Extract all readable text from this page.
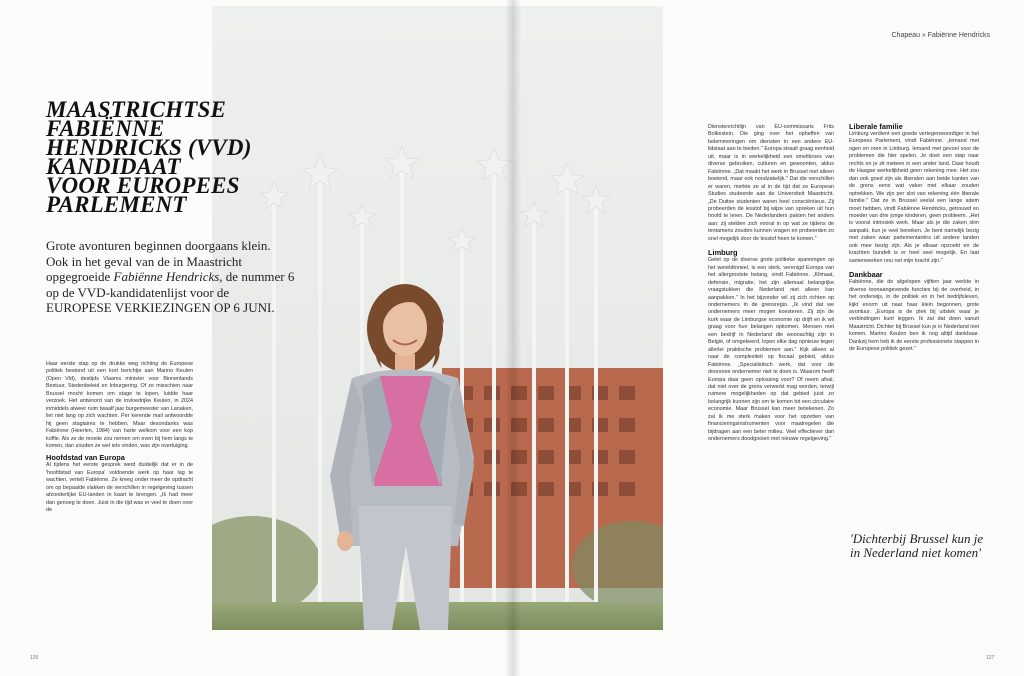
Chapeau » Fabiënne Hendricks
MAASTRICHTSE
FABIËNNE
HENDRICKS (VVD)
KANDIDAAT
VOOR EUROPEES
PARLEMENT

Grote avonturen beginnen doorgaans klein. Ook in het geval van de in Maastricht opgegroeide Fabiënne Hendricks, de nummer 6 op de VVD-kandidatenlijst voor de EUROPESE VERKIEZINGEN OP 6 JUNI.

Haar eerste stap op de drukke weg richting de Europese politiek bestond uit een kort berichtje aan Marino Keulen (Open Vld), destijds Vlaams minister voor Binnenlands Bestuur, Stedenbeleid en Inburgering. Of ze misschien naar Brussel mocht komen om stage te lopen, luidde haar verzoek. Het antwoord van de invloedrijke Keulen, in 2024 inmiddels alweer ruim twaalf jaar burgemeester van Lanaken, liet niet lang op zich wachten. Per kerende mail antwoordde hij geen stagiaires te hebben. Maar desondanks was Fabiënne (Heerlen, 1984) van harte welkom voor een kop koffie. Als ze de moeite zou nemen om even bij hem langs te komen, dan zouden ze wel iets vinden, was zijn overtuiging.

Hoofdstad van Europa

Al tijdens het eerste gesprek werd duidelijk dat er in de 'hoofdstad van Europa' voldoende werk op haar lag te wachten, vertelt Fabiënne. Ze kreeg onder meer de opdracht om op bepaalde vlakken de verschillen in regelgeving tussen afzonderlijke EU-landen in kaart te brengen. „Ik had meer dan genoeg te doen. Juist in die tijd was er veel te doen over de

Dienstenrichtlijn van EU-commissaris Frits Bolkestein. Die ging over het opheffen van belemmeringen om diensten in een andere EU-lidstaat aan te bieden." Europa straalt graag eenheid uit, maar is in werkelijkheid een smeltkroes van diverse gebruiken, culturen en gewoonten, aldus Fabiënne. „Dat maakt het werk in Brussel niet alleen boeiend, maar ook noodzakelijk." Dat die verschillen er waren, merkte ze al in de tijd dat ze European Studies studeerde aan de Universiteit Maastricht. „De Duitse studenten waren heel consciëntieus. Zij probeerden de lesstof bij wijze van spreken uit hun hoofd te leren. De Nederlanders pakten het anders aan: zij stelden zich vooral in op wat ze tijdens de tentamens zouden kunnen vragen en probeerden zo snel mogelijk door de lesstof heen te komen."

Limburg

Gelet op de diverse grote politieke spanningen op het wereldtoneel, is een sterk, verenigd Europa van het allergrootste belang, vindt Fabiënne. „Klimaat, defensie, migratie; het zijn allemaal belangrijke vraagstukken die Nederland niet alleen kan aanpakken." In het bijzonder wil zij zich richten op ondernemers in de grensregio. „Ik vind dat we ondernemers meer mogen koesteren. Zij zijn de kurk waar de Limburgse economie op drijft en ik wil graag voor hun belangen opkomen. Mensen met een bedrijf in Nederland die woonachtig zijn in België, of omgekeerd, lopen elke dag opnieuw tegen allerlei praktische problemen aan." Kijk alleen al naar de complexiteit op fiscaal gebied, aldus Fabiënne. „Specialistisch werk, dat voor de doorsnee ondernemer niet te doen is. Waarom heeft Europa daar geen oplossing voor? Of neem afval, dat niet over de grens verwerkt mag worden, terwijl ruimere mogelijkheden op dat gebied juist zo belangrijk kunnen zijn om te komen tot een circulaire economie. Maar Brussel kan meer betekenen. Zo zal ik me sterk maken voor het opzetten van financieringsinstrumenten voor maatregelen die bijdragen aan een beter milieu. Veel effectiever dan ondernemers doodgooien met nieuwe regelgeving."

Liberale familie

Limburg verdient een goede vertegenwoordiger in het Europees Parlement, vindt Fabiënne. „Iemand met ogen en oren in Limburg. Iemand met gevoel voor de problemen die hier spelen. Je doet een stap naar rechts en je zit meteen in een ander land. Daar houdt de Haagse werkelijkheid geen rekening mee. Het zou dan ook goed zijn als liberalen aan beide kanten van de grens eens wat vaker met elkaar zouden optrekken. We zijn per slot van rekening één liberale familie." Dat ze in Brussel veelal een lange adem moet hebben, vindt Fabiënne Hendricks, getrouwd en moeder van drie jonge kinderen, geen probleem. „Het is vooral intrinsiek werk. Maar als je die zaken slim aanpakt, kun je veel bereiken. Je bent namelijk bezig met zaken waar parlementariërs uit andere landen ook mee bezig zijn. Als je elkaar opzoekt en de krachten bundelt is er heel veel mogelijk. En laat samenwerken nou net mijn kracht zijn."

Dankbaar

Fabiënne, die de afgelopen vijftien jaar werkte in diverse toonaangevende functies bij de overheid, in het onderwijs, in de politiek en in het bedrijfsleven, kijkt enorm uit naar haar klein begonnen, grote avontuur. „Europa is de plek bij uitstek waar je verbindingen kunt leggen. Ik zal dat doen vanuit Maastricht. Dichter bij Brussel kun je in Nederland niet komen. Marino Keulen ben ik nog altijd dankbaar. Dankzij hem heb ik de eerste professionele stappen in de Europese politiek gezet."

'Dichterbij Brussel kun je in Nederland niet komen'

126	127
